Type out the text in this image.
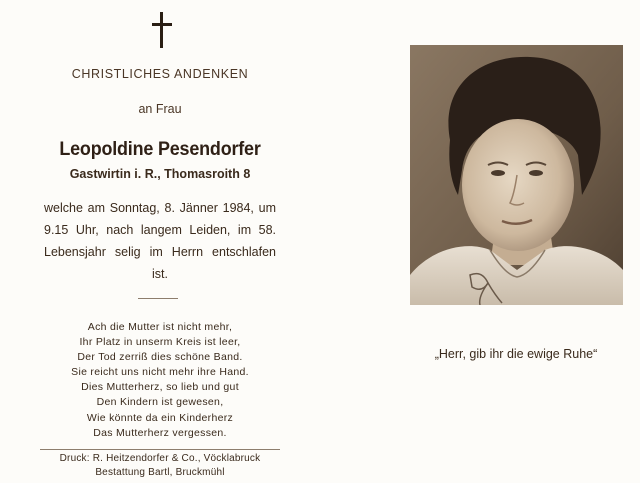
CHRISTLICHES ANDENKEN
an Frau
Leopoldine Pesendorfer
Gastwirtin i. R., Thomasroith 8
welche am Sonntag, 8. Jänner 1984, um
9.15 Uhr, nach langem Leiden, im 58.
Lebensjahr selig im Herrn entschlafen
ist.
Ach die Mutter ist nicht mehr,
Ihr Platz in unserm Kreis ist leer,
Der Tod zerriß dies schöne Band.
Sie reicht uns nicht mehr ihre Hand.
Dies Mutterherz, so lieb und gut
Den Kindern ist gewesen,
Wie könnte da ein Kinderherz
Das Mutterherz vergessen.
Druck: R. Heitzendorfer & Co., Vöcklabruck
Bestattung Bartl, Bruckmühl
„Herr, gib ihr die ewige Ruhe“
